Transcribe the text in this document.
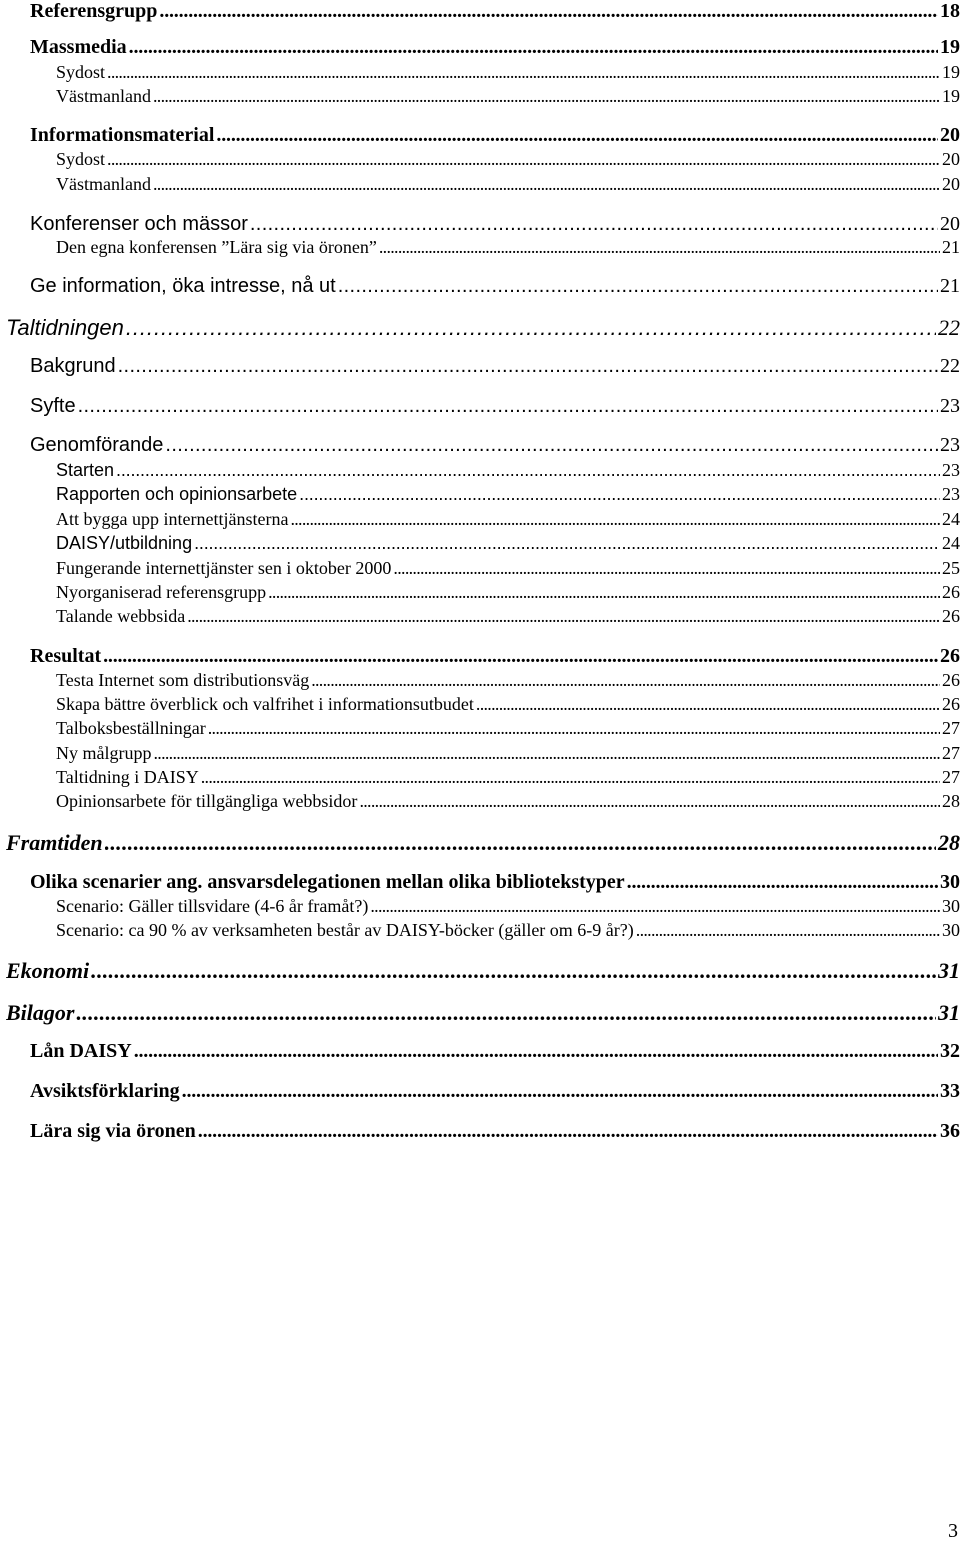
Referensgrupp . . .	18
Massmedia . . .	19
Sydost . . .	19
Västmanland . . .	19
Informationsmaterial . . .	20
Sydost . . .	20
Västmanland . . .	20
Konferenser och mässor . . .	20
Den egna konferensen ”Lära sig via öronen” . . .	21
Ge information, öka intresse, nå ut . . .	21
Taltidningen . . .	22
Bakgrund . . .	22
Syfte . . .	23
Genomförande . . .	23
Starten . . .	23
Rapporten och opinionsarbete . . .	23
Att bygga upp internettjänsterna . . .	24
DAISY/utbildning . . .	24
Fungerande internettjänster sen i oktober 2000 . . .	25
Nyorganiserad referensgrupp . . .	26
Talande webbsida . . .	26
Resultat . . .	26
Testa Internet som distributionsväg . . .	26
Skapa bättre överblick och valfrihet i informationsutbudet . . .	26
Talboksbeställningar . . .	27
Ny målgrupp . . .	27
Taltidning i DAISY . . .	27
Opinionsarbete för tillgängliga webbsidor . . .	28
Framtiden . . .	28
Olika scenarier ang. ansvarsdelegationen mellan olika bibliotekstyper . . .	30
Scenario: Gäller tillsvidare (4-6 år framåt?) . . .	30
Scenario: ca 90 % av verksamheten består av DAISY-böcker (gäller om 6-9 år?) . . .	30
Ekonomi . . .	31
Bilagor . . .	31
Lån DAISY . . .	32
Avsiktsförklaring . . .	33
Lära sig via öronen . . .	36
3
